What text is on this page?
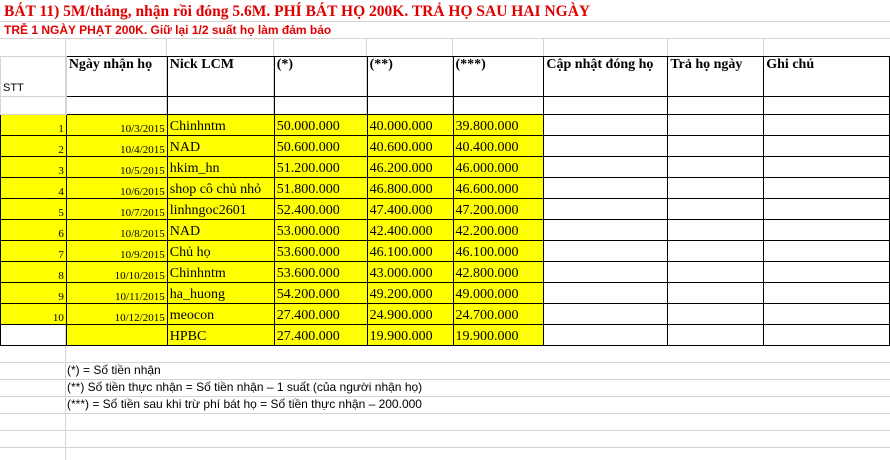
BÁT 11) 5M/tháng, nhận rồi đóng 5.6M. PHÍ BÁT HỌ 200K. TRẢ HỌ SAU HAI NGÀY
TRỄ 1 NGÀY PHẠT 200K. Giữ lại 1/2 suất họ làm đảm bảo
STT	Ngày nhận họ	Nick LCM	(*)	(**)	(***)	Cập nhật đóng họ	Trả họ ngày	Ghi chú

1	10/3/2015	Chinhntm	50.000.000	40.000.000	39.800.000			
2	10/4/2015	NAD	50.600.000	40.600.000	40.400.000			
3	10/5/2015	hkim_hn	51.200.000	46.200.000	46.000.000			
4	10/6/2015	shop cô chủ nhỏ	51.800.000	46.800.000	46.600.000			
5	10/7/2015	linhngoc2601	52.400.000	47.400.000	47.200.000			
6	10/8/2015	NAD	53.000.000	42.400.000	42.200.000			
7	10/9/2015	Chủ họ	53.600.000	46.100.000	46.100.000			
8	10/10/2015	Chinhntm	53.600.000	43.000.000	42.800.000			
9	10/11/2015	ha_huong	54.200.000	49.200.000	49.000.000			
10	10/12/2015	meocon	27.400.000	24.900.000	24.700.000			
		HPBC	27.400.000	19.900.000	19.900.000			
(*) = Số tiền nhận
(**) Số tiền thực nhận = Số tiền nhận – 1 suất (của người nhận họ)
(***) = Số tiền sau khi trừ phí bát họ = Số tiền thực nhận – 200.000
